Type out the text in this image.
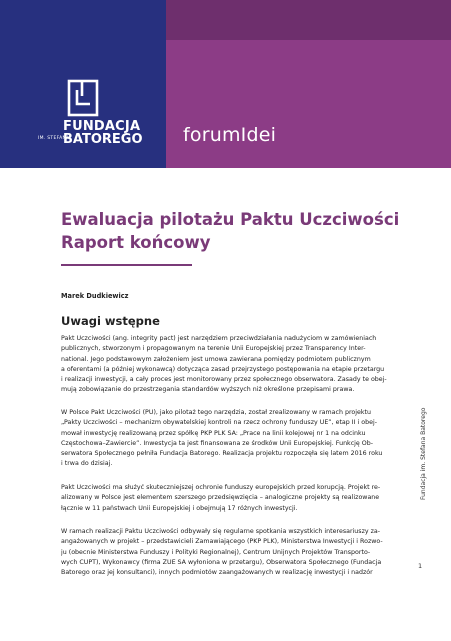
FUNDACJA
IM. STEFANA
BATOREGO forumIdei
Ewaluacja pilotażu Paktu Uczciwości
Raport końcowy
Marek Dudkiewicz
Uwagi wstępne
Pakt Uczciwości (ang. integrity pact) jest narzędziem przeciwdziałania nadużyciom w zamówieniach
publicznych, stworzonym i propagowanym na terenie Unii Europejskiej przez Transparency Inter-
national. Jego podstawowym założeniem jest umowa zawierana pomiędzy podmiotem publicznym
a oferentami (a później wykonawcą) dotycząca zasad przejrzystego postępowania na etapie przetargu
i realizacji inwestycji, a cały proces jest monitorowany przez społecznego obserwatora. Zasady te obej-
mują zobowiązanie do przestrzegania standardów wyższych niż określone przepisami prawa.
W Polsce Pakt Uczciwości (PU), jako pilotaż tego narzędzia, został zrealizowany w ramach projektu
„Pakty Uczciwości – mechanizm obywatelskiej kontroli na rzecz ochrony funduszy UE”, etap II i obej-
mował inwestycję realizowaną przez spółkę PKP PLK SA: „Prace na linii kolejowej nr 1 na odcinku
Częstochowa–Zawiercie”. Inwestycja ta jest finansowana ze środków Unii Europejskiej. Funkcję Ob-
serwatora Społecznego pełniła Fundacja Batorego. Realizacja projektu rozpoczęła się latem 2016 roku
i trwa do dzisiaj.
Pakt Uczciwości ma służyć skuteczniejszej ochronie funduszy europejskich przed korupcją. Projekt re-
alizowany w Polsce jest elementem szerszego przedsięwzięcia – analogiczne projekty są realizowane
łącznie w 11 państwach Unii Europejskiej i obejmują 17 różnych inwestycji.
W ramach realizacji Paktu Uczciwości odbywały się regularne spotkania wszystkich interesariuszy za-
angażowanych w projekt – przedstawicieli Zamawiającego (PKP PLK), Ministerstwa Inwestycji i Rozwo-
ju (obecnie Ministerstwa Funduszy i Polityki Regionalnej), Centrum Unijnych Projektów Transporto-
wych CUPT), Wykonawcy (firma ZUE SA wyłoniona w przetargu), Obserwatora Społecznego (Fundacja
Batorego oraz jej konsultanci), innych podmiotów zaangażowanych w realizację inwestycji i nadzór
Fundacja im. Stefana Batorego
1
